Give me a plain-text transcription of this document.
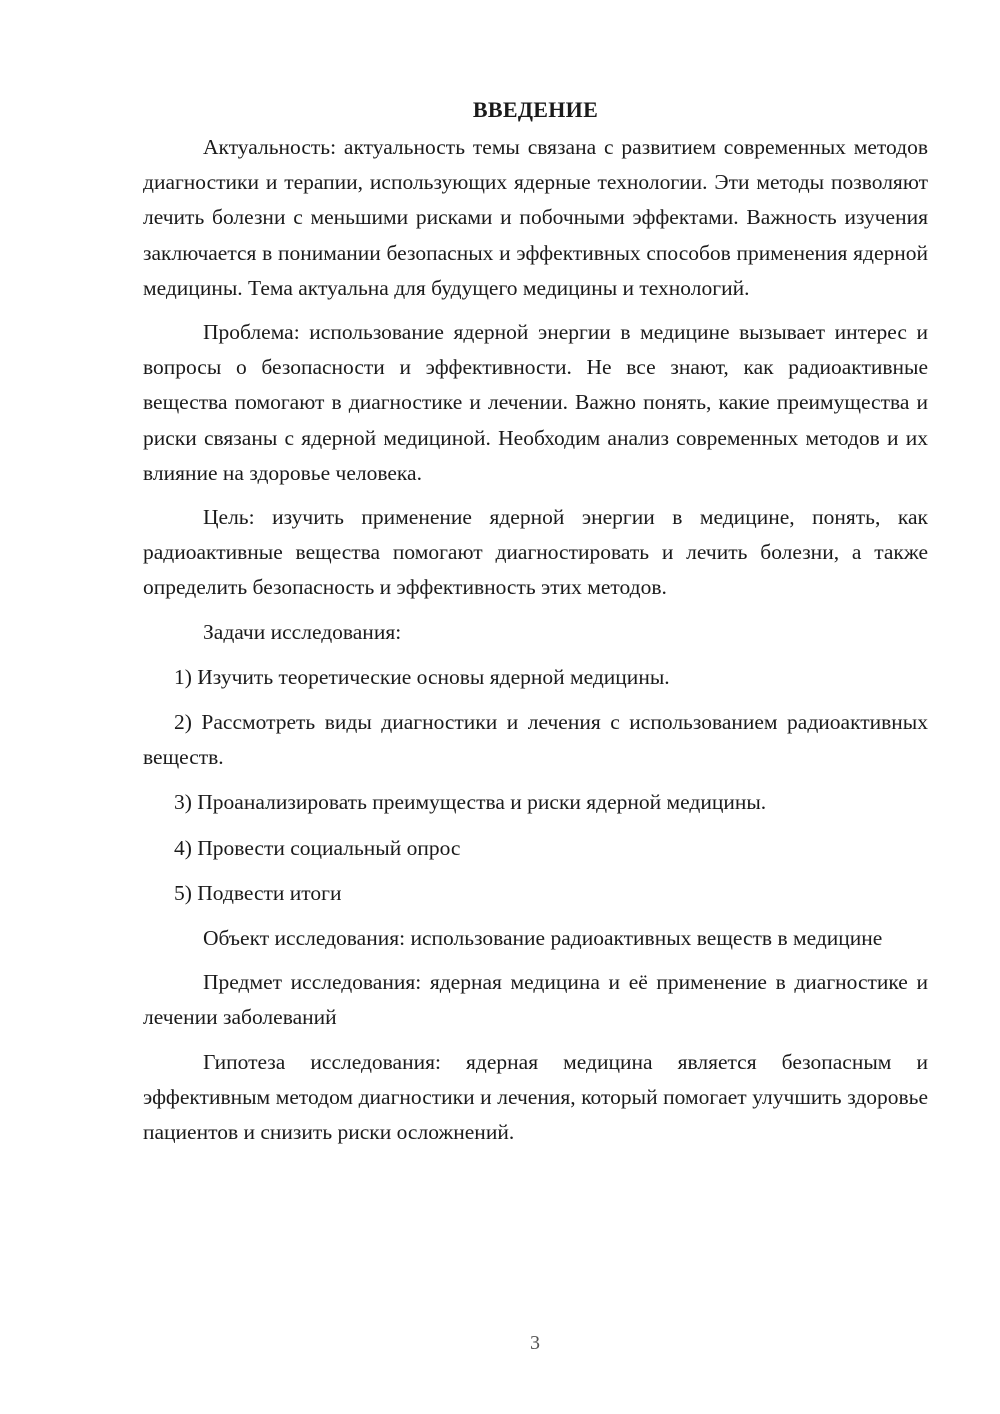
ВВЕДЕНИЕ

Актуальность: актуальность темы связана с развитием современных методов диагностики и терапии, использующих ядерные технологии. Эти методы позволяют лечить болезни с меньшими рисками и побочными эффектами. Важность изучения заключается в понимании безопасных и эффективных способов применения ядерной медицины. Тема актуальна для будущего медицины и технологий.

Проблема: использование ядерной энергии в медицине вызывает интерес и вопросы о безопасности и эффективности. Не все знают, как радиоактивные вещества помогают в диагностике и лечении. Важно понять, какие преимущества и риски связаны с ядерной медициной. Необходим анализ современных методов и их влияние на здоровье человека.

Цель: изучить применение ядерной энергии в медицине, понять, как радиоактивные вещества помогают диагностировать и лечить болезни, а также определить безопасность и эффективность этих методов.

Задачи исследования:

1) Изучить теоретические основы ядерной медицины.

2) Рассмотреть виды диагностики и лечения с использованием радиоактивных веществ.

3) Проанализировать преимущества и риски ядерной медицины.

4) Провести социальный опрос

5) Подвести итоги

Объект исследования: использование радиоактивных веществ в медицине

Предмет исследования: ядерная медицина и её применение в диагностике и лечении заболеваний

Гипотеза исследования: ядерная медицина является безопасным и эффективным методом диагностики и лечения, который помогает улучшить здоровье пациентов и снизить риски осложнений.

3
